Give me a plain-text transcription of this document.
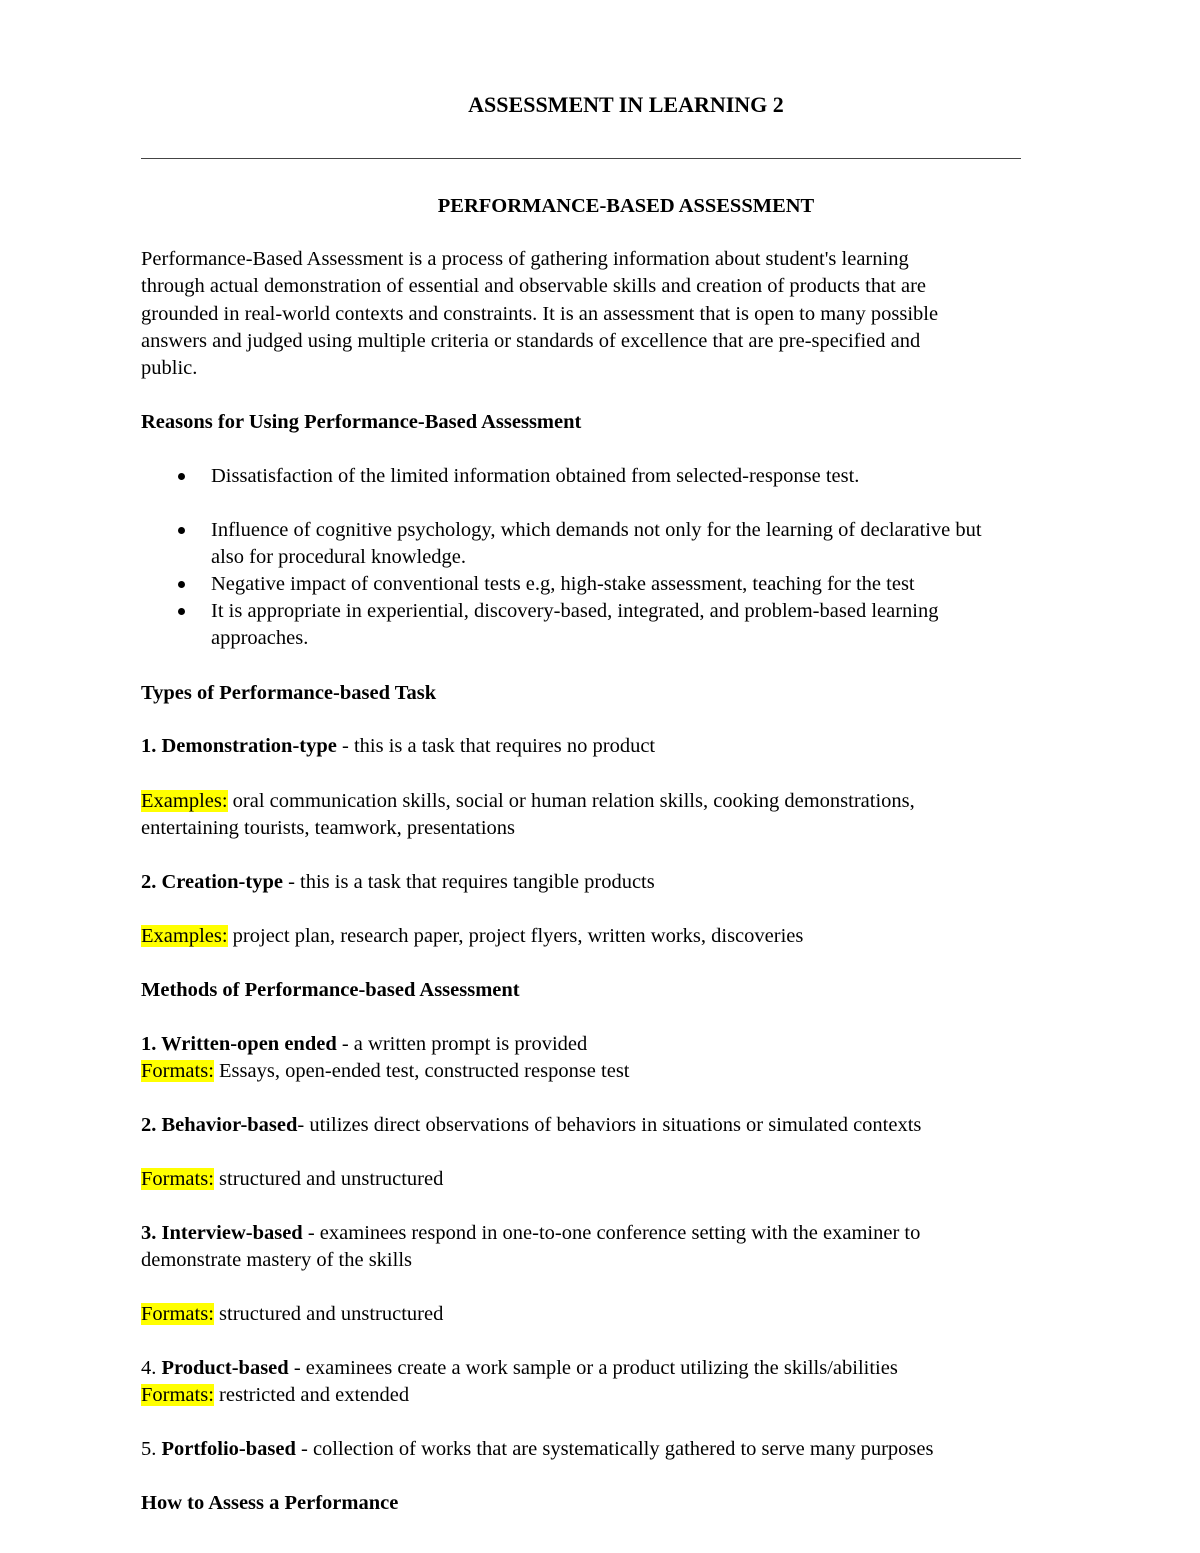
ASSESSMENT IN LEARNING 2
PERFORMANCE-BASED ASSESSMENT
Performance-Based Assessment is a process of gathering information about student's learning
through actual demonstration of essential and observable skills and creation of products that are
grounded in real-world contexts and constraints. It is an assessment that is open to many possible
answers and judged using multiple criteria or standards of excellence that are pre-specified and
public.
Reasons for Using Performance-Based Assessment
Dissatisfaction of the limited information obtained from selected-response test.
Influence of cognitive psychology, which demands not only for the learning of declarative but
also for procedural knowledge.
Negative impact of conventional tests e.g, high-stake assessment, teaching for the test
It is appropriate in experiential, discovery-based, integrated, and problem-based learning
approaches.
Types of Performance-based Task
1. Demonstration-type - this is a task that requires no product
Examples: oral communication skills, social or human relation skills, cooking demonstrations,
entertaining tourists, teamwork, presentations
2. Creation-type - this is a task that requires tangible products
Examples: project plan, research paper, project flyers, written works, discoveries
Methods of Performance-based Assessment
1. Written-open ended - a written prompt is provided
Formats: Essays, open-ended test, constructed response test
2. Behavior-based- utilizes direct observations of behaviors in situations or simulated contexts
Formats: structured and unstructured
3. Interview-based - examinees respond in one-to-one conference setting with the examiner to
demonstrate mastery of the skills
Formats: structured and unstructured
4. Product-based - examinees create a work sample or a product utilizing the skills/abilities
Formats: restricted and extended
5. Portfolio-based - collection of works that are systematically gathered to serve many purposes
How to Assess a Performance
